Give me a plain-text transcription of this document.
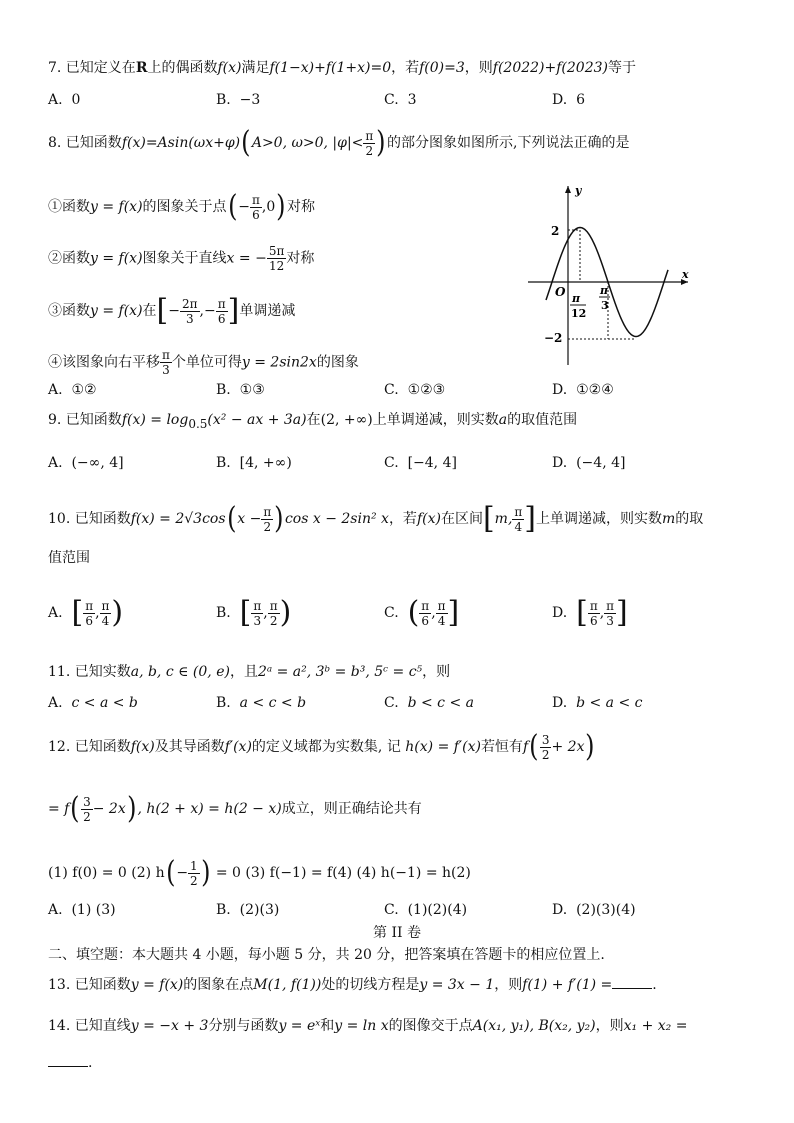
7. 已知定义在R上的偶函数f(x)满足f(1−x)+f(1+x)=0，若f(0)=3，则f(2022)+f(2023)等于
A. 0	B. −3	C. 3	D. 6
8. 已知函数f(x)=Asin(ωx+φ)(A>0, ω>0, $|\varphi|< \frac{\pi}{2}$ )的部分图象如图所示,下列说法正确的是
①函数y = f(x)的图象关于点(− $\frac{\pi}{6} ,0$)对称
②函数y = f(x)图象关于直线x = − $\frac{5\pi}{12}$ 对称
③函数y = f(x)在[− $\frac{2\pi}{3}$ ,− $\frac{\pi}{6}$ ]单调递减
④该图象向右平移 $\frac{\pi}{3}$ 个单位可得y = 2sin2x的图象
y
x
O
2
−2
π
12
π
3
A. ①②	B. ①③	C. ①②③	D. ①②④
9. 已知函数$f(x) = \log_{0.5}(x^2$ − ax + 3a)在(2, +∞)上单调递减，则实数a的取值范围
A. (−∞, 4]	B. [4, +∞)	C. [−4, 4]	D. (−4, 4]
10. 已知函数$f(x) = 2√3\cos(x - \frac{\pi}{2} )\cos$ x − 2sin² x，若f(x)在区间[m, $\frac{\pi}{4}$ ]上单调递减，则实数m的取
值范围
A. [ $\frac{\pi}{6}$ , $\frac{\pi}{4}$ )	B. [ $\frac{\pi}{3}$ , $\frac{\pi}{2}$ )	C. ( $\frac{\pi}{6}$ , $\frac{\pi}{4}$ ]	D. [ $\frac{\pi}{6}$ , $\frac{\pi}{3}$ ]
11. 已知实数a, b, c ∈ (0, e)，且2ᵃ = a², 3ᵇ = b³, 5ᶜ = c⁵，则
A. c < a < b	B. a < c < b	C. b < c < a	D. b < a < c
12. 已知函数f(x)及其导函数f′(x)的定义域都为实数集, 记 h(x) = f′(x)若恒有$f( \frac{3}{2} + 2x)$
= $f( \frac{3}{2} - 2x)$, h(2 + x) = h(2 − x)成立，则正确结论共有
(1) f(0) = 0 (2) $h(- \frac{1}{2}$ ) = 0 (3) f(−1) = f(4) (4) h(−1) = h(2)
A. (1) (3)	B. (2)(3)	C. (1)(2)(4)	D. (2)(3)(4)
第 II 卷
二、填空题：本大题共 4 小题，每小题 5 分，共 20 分，把答案填在答题卡的相应位置上.
13. 已知函数y = f(x)的图象在点M(1, f(1))处的切线方程是y = 3x − 1，则f(1) + f′(1) =	.
14. 已知直线y = −x + 3分别与函数y = eˣ和y = ln x的图像交于点A(x₁, y₁), B(x₂, y₂)，则x₁ + x₂ =
.
